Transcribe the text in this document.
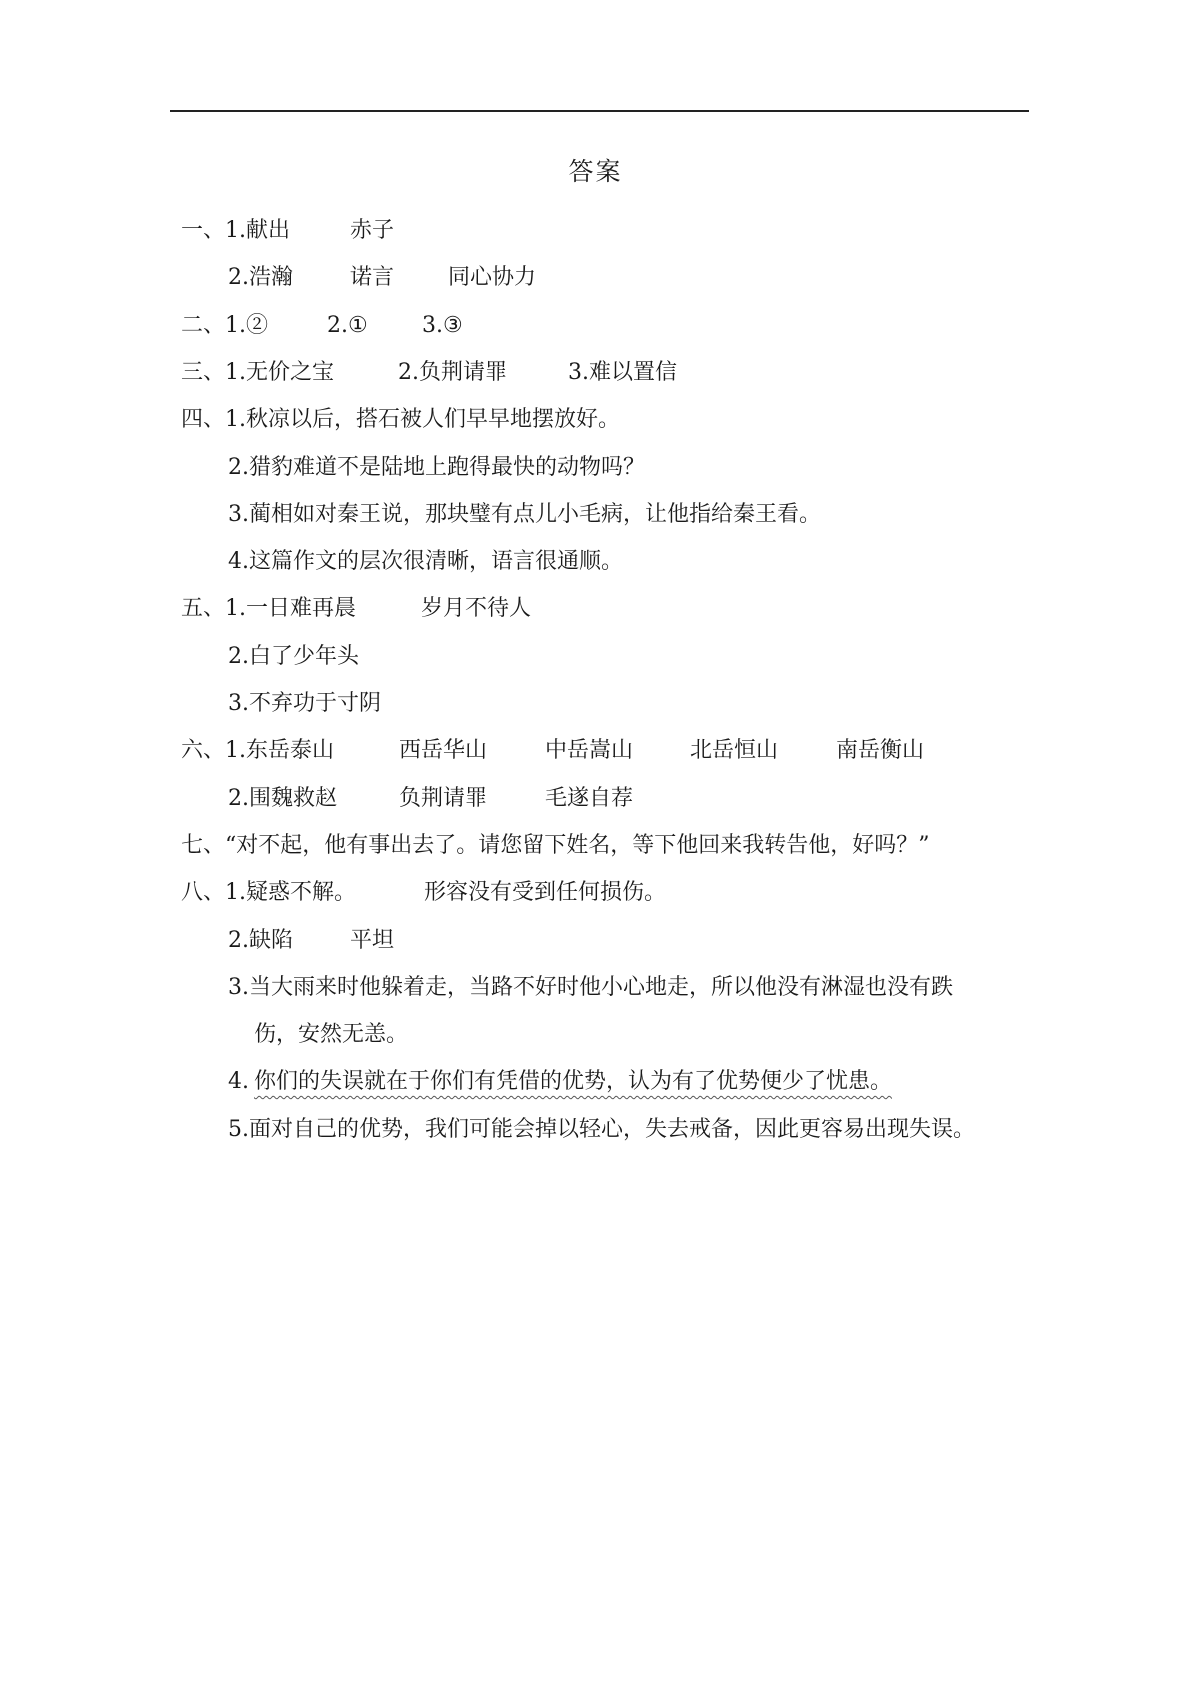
答案
一、1.献出	赤子
2.浩瀚	诺言 同心协力
二、1.②	2.① 3.③
三、1.无价之宝	2.负荆请罪	3.难以置信
四、1.秋凉以后，搭石被人们早早地摆放好。
2.猎豹难道不是陆地上跑得最快的动物吗？
3.蔺相如对秦王说，那块璧有点儿小毛病，让他指给秦王看。
4.这篇作文的层次很清晰，语言很通顺。
五、1.一日难再晨	岁月不待人
2.白了少年头
3.不弃功于寸阴
六、1.东岳泰山	西岳华山	中岳嵩山	北岳恒山	南岳衡山
2.围魏救赵	负荆请罪	毛遂自荐
七、“对不起，他有事出去了。请您留下姓名，等下他回来我转告他，好吗？”
八、1.疑惑不解。	形容没有受到任何损伤。
2.缺陷	平坦
3.当大雨来时他躲着走，当路不好时他小心地走，所以他没有淋湿也没有跌
伤，安然无恙。
4. 你们的失误就在于你们有凭借的优势，认为有了优势便少了忧患。
5.面对自己的优势，我们可能会掉以轻心，失去戒备，因此更容易出现失误。
